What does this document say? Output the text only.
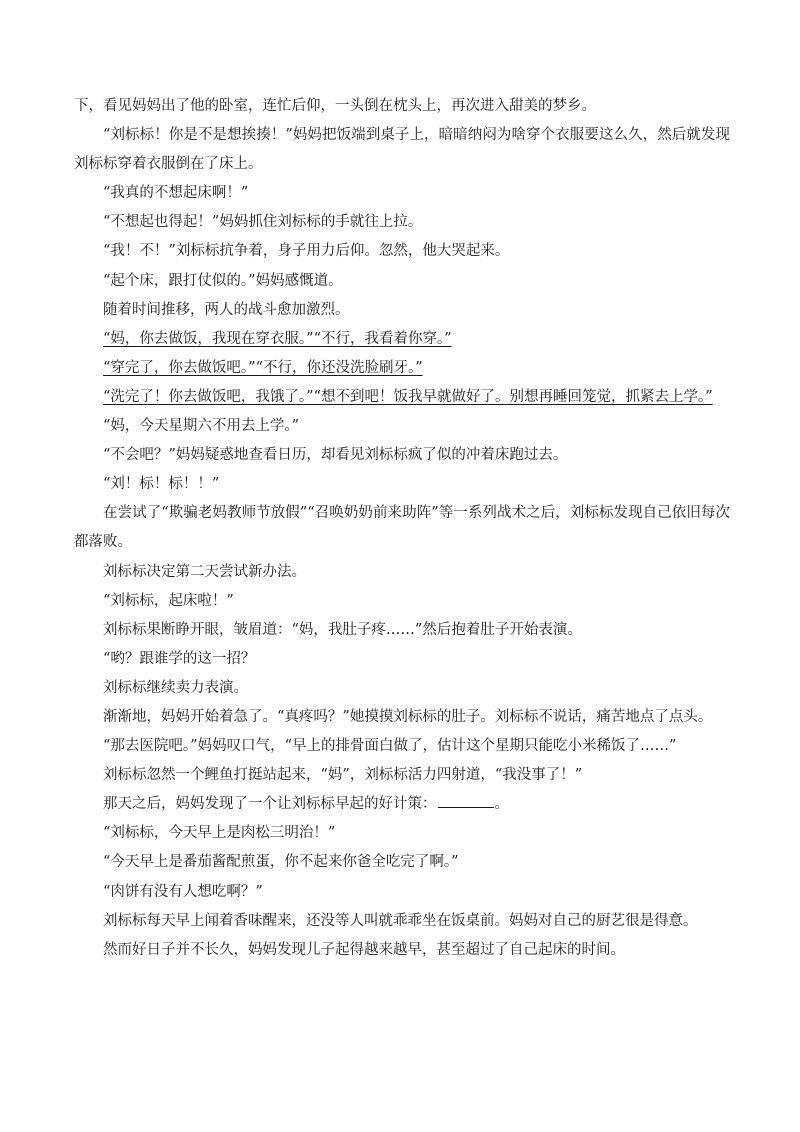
下，看见妈妈出了他的卧室，连忙后仰，一头倒在枕头上，再次进入甜美的梦乡。

“刘标标！你是不是想挨揍！”妈妈把饭端到桌子上，暗暗纳闷为啥穿个衣服要这么久，然后就发现刘标标穿着衣服倒在了床上。

“我真的不想起床啊！”

“不想起也得起！”妈妈抓住刘标标的手就往上拉。

“我！不！”刘标标抗争着，身子用力后仰。忽然，他大哭起来。

“起个床，跟打仗似的。”妈妈感慨道。

随着时间推移，两人的战斗愈加激烈。

“妈，你去做饭，我现在穿衣服。”“不行，我看着你穿。”

“穿完了，你去做饭吧。”“不行，你还没洗脸刷牙。”

“洗完了！你去做饭吧，我饿了。”“想不到吧！饭我早就做好了。别想再睡回笼觉，抓紧去上学。”

“妈，今天星期六不用去上学。”

“不会吧？”妈妈疑惑地查看日历，却看见刘标标疯了似的冲着床跑过去。

“刘！标！标！！”

在尝试了“欺骗老妈教师节放假”“召唤奶奶前来助阵”等一系列战术之后，刘标标发现自己依旧每次都落败。

刘标标决定第二天尝试新办法。

“刘标标，起床啦！”

刘标标果断睁开眼，皱眉道：“妈，我肚子疼……”然后抱着肚子开始表演。

“哟？跟谁学的这一招？

刘标标继续卖力表演。

渐渐地，妈妈开始着急了。“真疼吗？”她摸摸刘标标的肚子。刘标标不说话，痛苦地点了点头。

“那去医院吧。”妈妈叹口气，“早上的排骨面白做了，估计这个星期只能吃小米稀饭了……”

刘标标忽然一个鲤鱼打挺站起来，“妈”，刘标标活力四射道，“我没事了！”

那天之后，妈妈发现了一个让刘标标早起的好计策：	。

“刘标标，今天早上是肉松三明治！”

“今天早上是番茄酱配煎蛋，你不起来你爸全吃完了啊。”

“肉饼有没有人想吃啊？”

刘标标每天早上闻着香味醒来，还没等人叫就乖乖坐在饭桌前。妈妈对自己的厨艺很是得意。

然而好日子并不长久，妈妈发现儿子起得越来越早，甚至超过了自己起床的时间。
